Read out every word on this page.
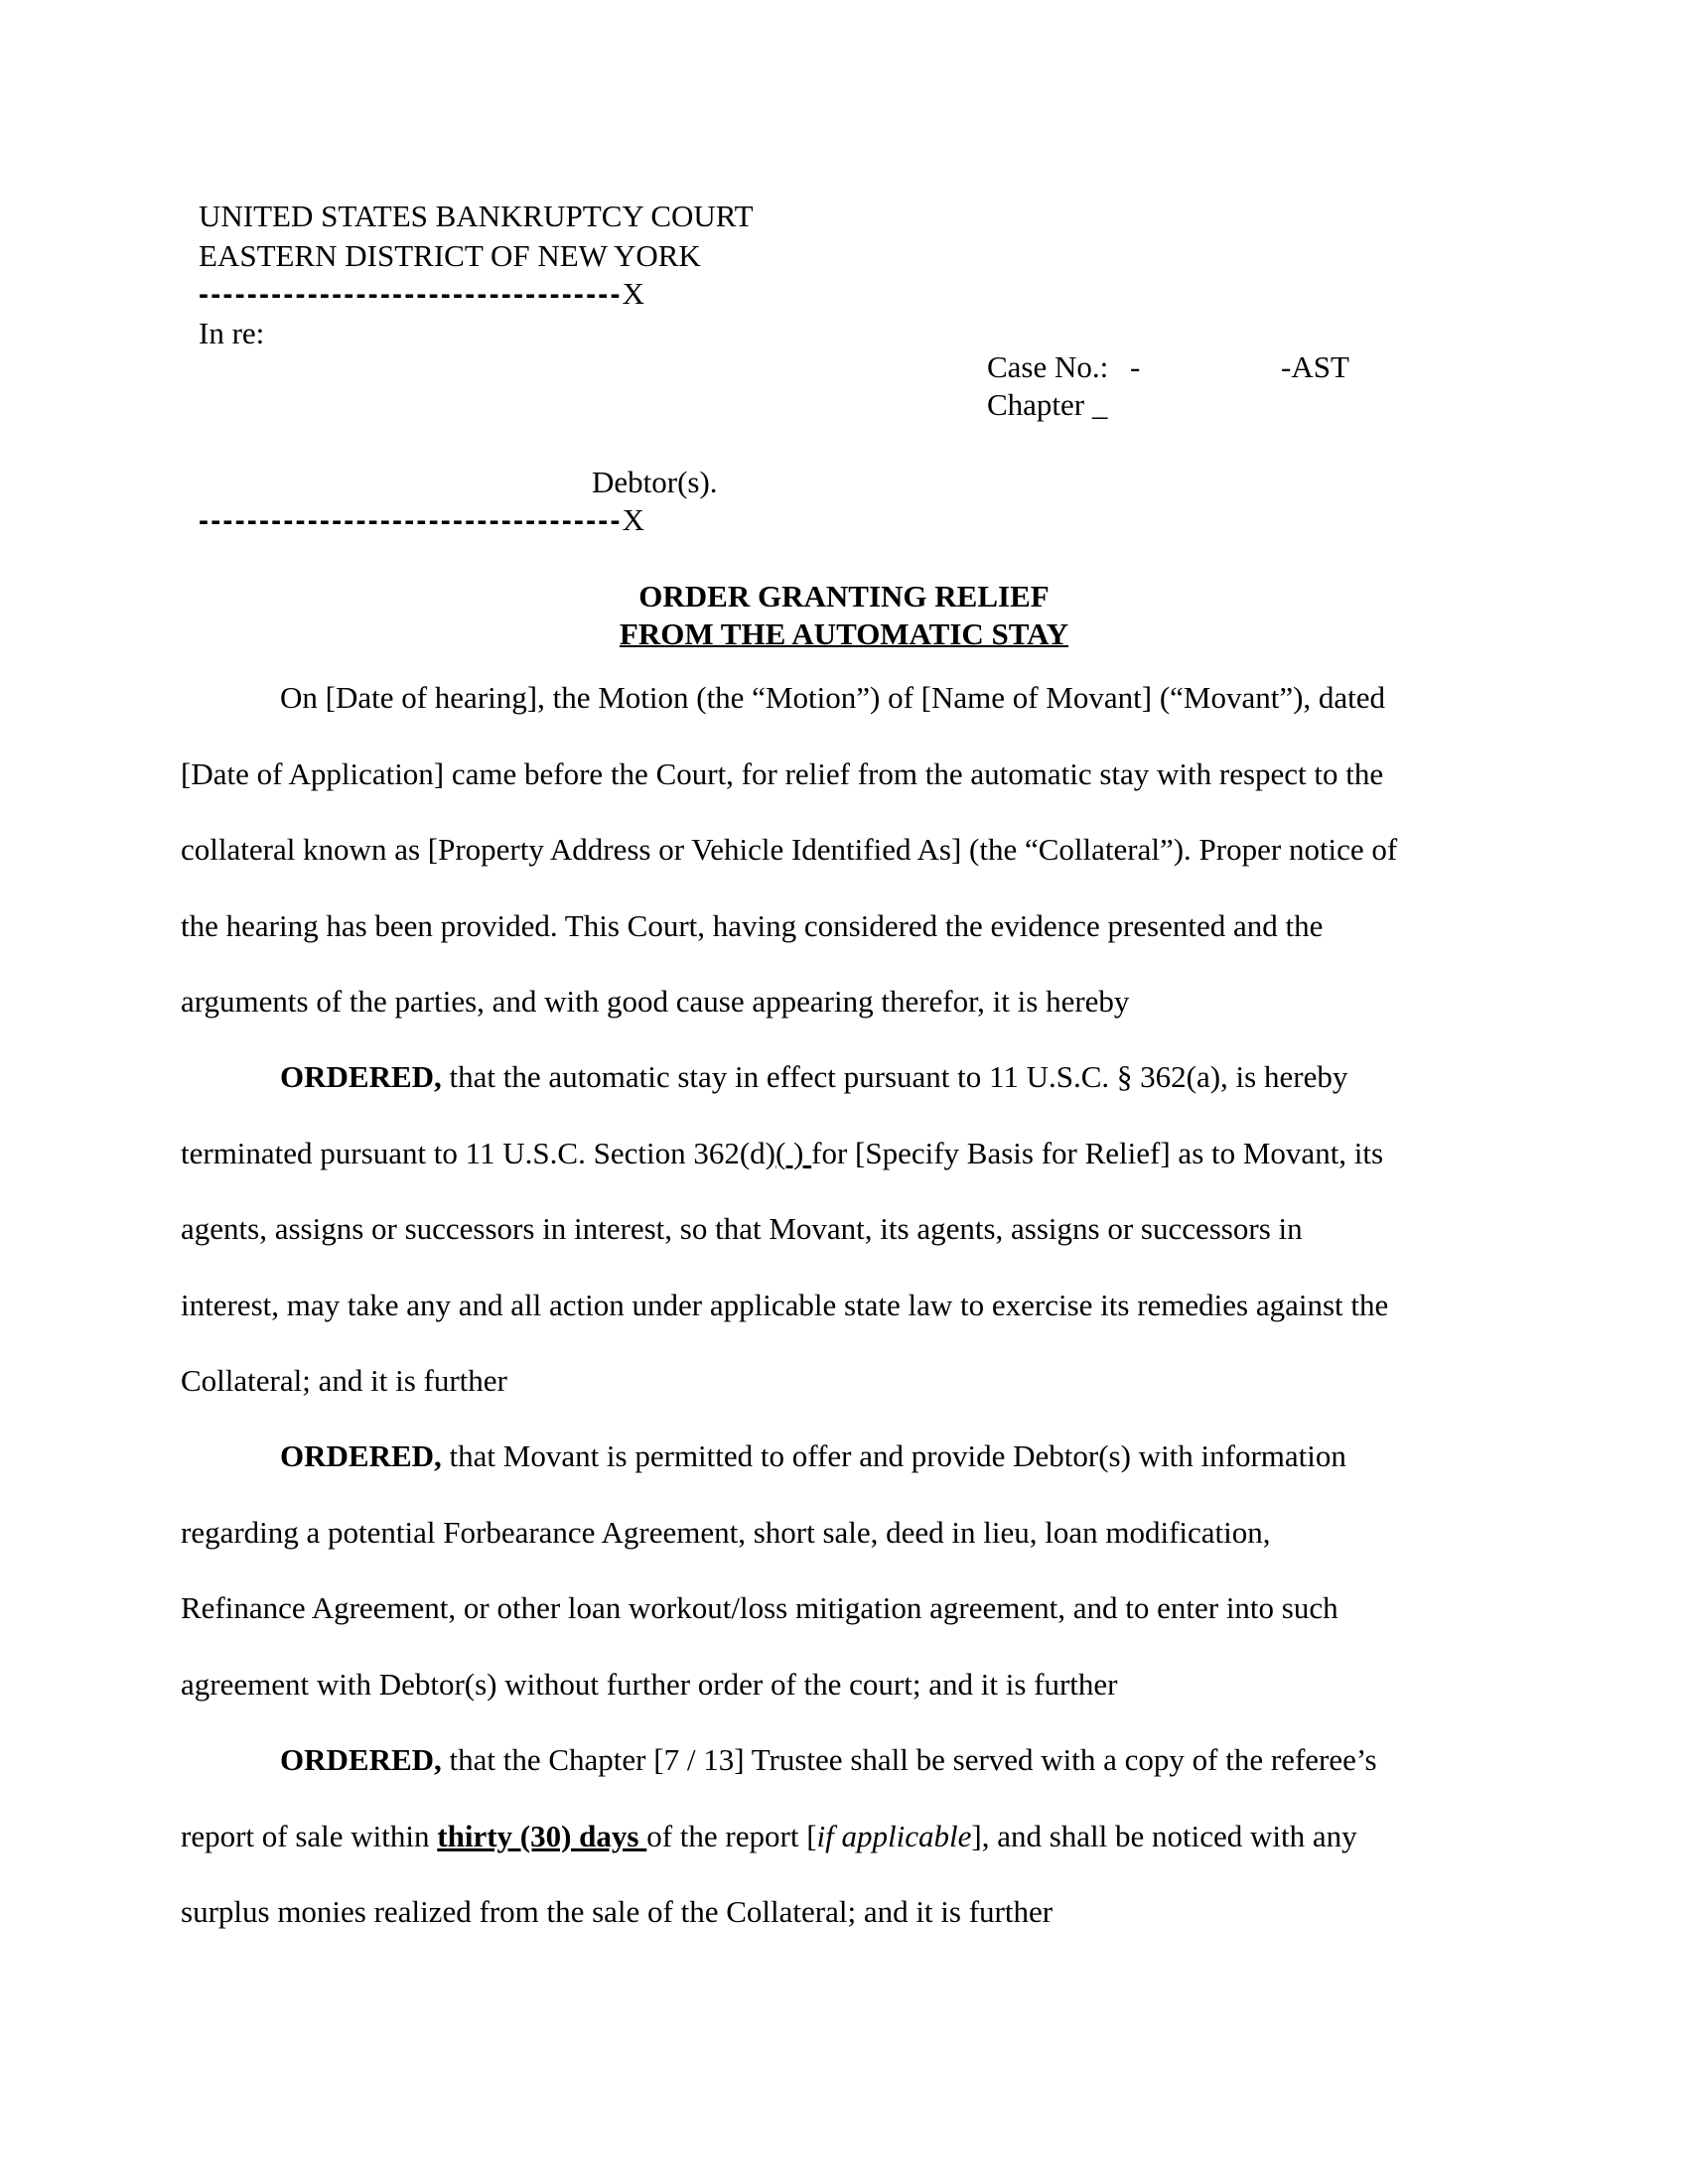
UNITED STATES BANKRUPTCY COURT
EASTERN DISTRICT OF NEW YORK
-----------------------------------X
In re:
Case No.: -	-AST
Chapter _
Debtor(s).
-----------------------------------X
ORDER GRANTING RELIEF
FROM THE AUTOMATIC STAY
On [Date of hearing], the Motion (the “Motion”) of [Name of Movant] (“Movant”), dated
[Date of Application] came before the Court, for relief from the automatic stay with respect to the
collateral known as [Property Address or Vehicle Identified As] (the “Collateral”). Proper notice of
the hearing has been provided. This Court, having considered the evidence presented and the
arguments of the parties, and with good cause appearing therefor, it is hereby
ORDERED, that the automatic stay in effect pursuant to 11 U.S.C. § 362(a), is hereby
terminated pursuant to 11 U.S.C. Section 362(d)( ) for [Specify Basis for Relief] as to Movant, its
agents, assigns or successors in interest, so that Movant, its agents, assigns or successors in
interest, may take any and all action under applicable state law to exercise its remedies against the
Collateral; and it is further
ORDERED, that Movant is permitted to offer and provide Debtor(s) with information
regarding a potential Forbearance Agreement, short sale, deed in lieu, loan modification,
Refinance Agreement, or other loan workout/loss mitigation agreement, and to enter into such
agreement with Debtor(s) without further order of the court; and it is further
ORDERED, that the Chapter [7 / 13] Trustee shall be served with a copy of the referee’s
report of sale within thirty (30) days of the report [if applicable], and shall be noticed with any
surplus monies realized from the sale of the Collateral; and it is further
